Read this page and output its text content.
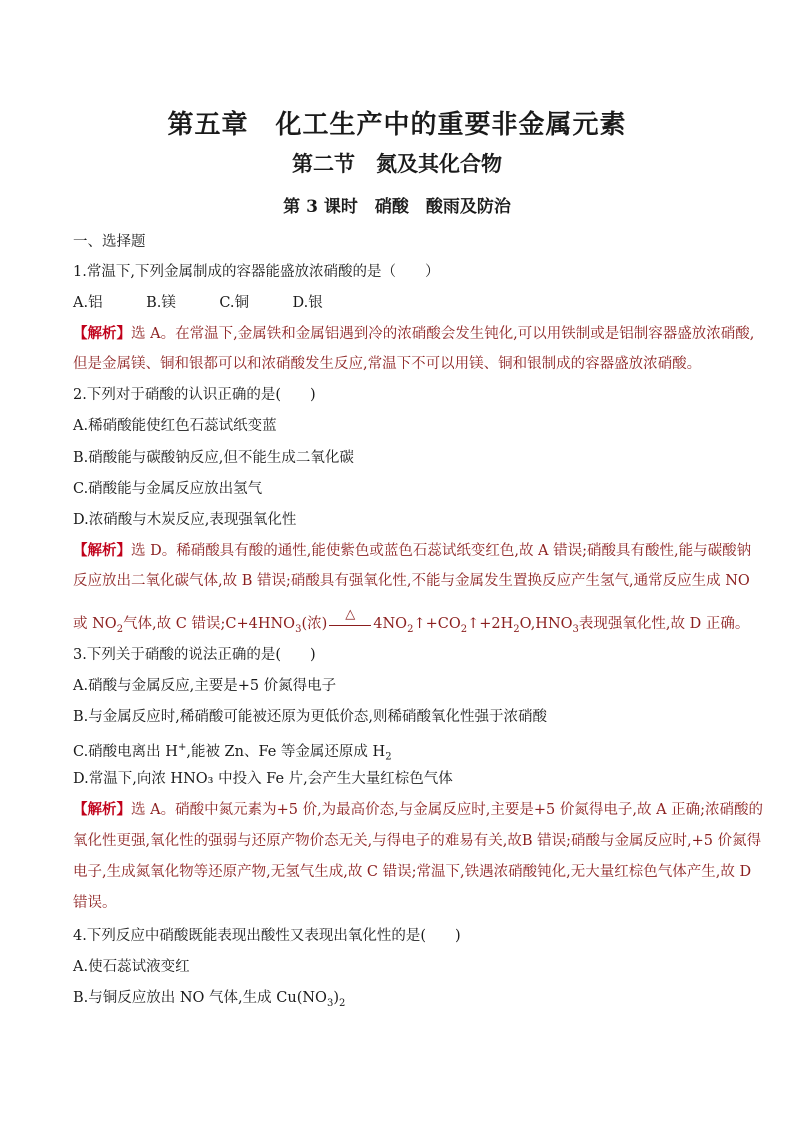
第五章　化工生产中的重要非金属元素
第二节　氮及其化合物
第 3 课时　硝酸　酸雨及防治
一、选择题
1.常温下,下列金属制成的容器能盛放浓硝酸的是（　　）
A.铝　　　B.镁　　　C.铜　　　D.银
【解析】选 A。在常温下,金属铁和金属铝遇到冷的浓硝酸会发生钝化,可以用铁制或是铝制容器盛放浓硝酸,
但是金属镁、铜和银都可以和浓硝酸发生反应,常温下不可以用镁、铜和银制成的容器盛放浓硝酸。
2.下列对于硝酸的认识正确的是(　　)
A.稀硝酸能使红色石蕊试纸变蓝
B.硝酸能与碳酸钠反应,但不能生成二氧化碳
C.硝酸能与金属反应放出氢气
D.浓硝酸与木炭反应,表现强氧化性
【解析】选 D。稀硝酸具有酸的通性,能使紫色或蓝色石蕊试纸变红色,故 A 错误;硝酸具有酸性,能与碳酸钠
反应放出二氧化碳气体,故 B 错误;硝酸具有强氧化性,不能与金属发生置换反应产生氢气,通常反应生成 NO
或 $NO_2$气体,故 C 错误$;C+4HNO_3$(浓)
△
$4NO_2↑+CO_2↑+2H_2O,HNO_3$表现强氧化性,故 D 正确。
3.下列关于硝酸的说法正确的是(　　)
A.硝酸与金属反应,主要是+5 价氮得电子
B.与金属反应时,稀硝酸可能被还原为更低价态,则稀硝酸氧化性强于浓硝酸
C.硝酸电离出 H+,能被 Zn、Fe 等金属还原成 $H_2$
D.常温下,向浓 HNO₃ 中投入 Fe 片,会产生大量红棕色气体
【解析】选 A。硝酸中氮元素为+5 价,为最高价态,与金属反应时,主要是+5 价氮得电子,故 A 正确;浓硝酸的
氧化性更强,氧化性的强弱与还原产物价态无关,与得电子的难易有关,故B 错误;硝酸与金属反应时,+5 价氮得
电子,生成氮氧化物等还原产物,无氢气生成,故 C 错误;常温下,铁遇浓硝酸钝化,无大量红棕色气体产生,故 D
错误。
4.下列反应中硝酸既能表现出酸性又表现出氧化性的是(　　)
A.使石蕊试液变红
B.与铜反应放出 NO 气体,生成 $Cu(NO_3)_2$
